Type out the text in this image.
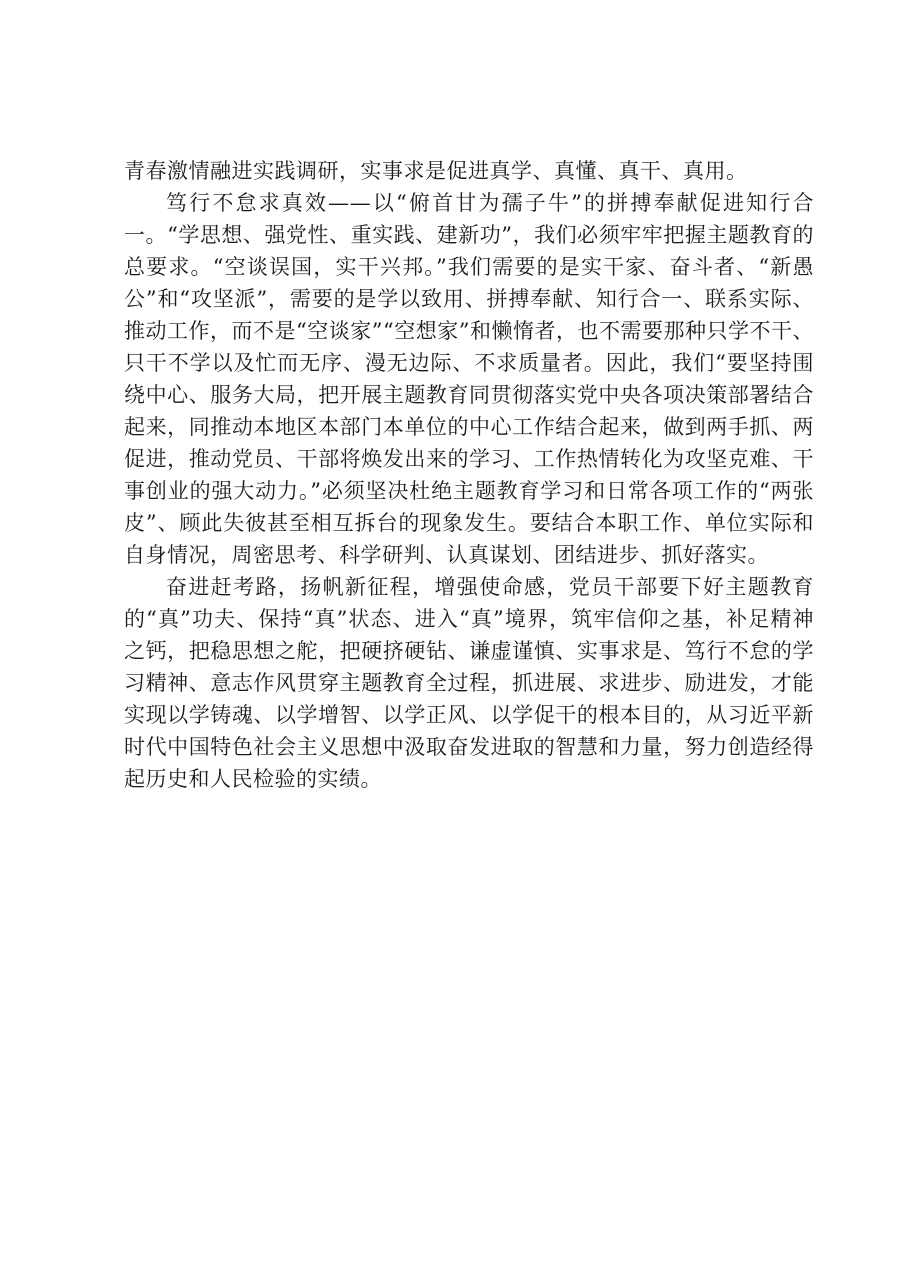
青春激情融进实践调研，实事求是促进真学、真懂、真干、真用。

笃行不怠求真效——以“俯首甘为孺子牛”的拼搏奉献促进知行合一。“学思想、强党性、重实践、建新功”，我们必须牢牢把握主题教育的总要求。“空谈误国，实干兴邦。”我们需要的是实干家、奋斗者、“新愚公”和“攻坚派”，需要的是学以致用、拼搏奉献、知行合一、联系实际、推动工作，而不是“空谈家”“空想家”和懒惰者，也不需要那种只学不干、只干不学以及忙而无序、漫无边际、不求质量者。因此，我们“要坚持围绕中心、服务大局，把开展主题教育同贯彻落实党中央各项决策部署结合起来，同推动本地区本部门本单位的中心工作结合起来，做到两手抓、两促进，推动党员、干部将焕发出来的学习、工作热情转化为攻坚克难、干事创业的强大动力。”必须坚决杜绝主题教育学习和日常各项工作的“两张皮”、顾此失彼甚至相互拆台的现象发生。要结合本职工作、单位实际和自身情况，周密思考、科学研判、认真谋划、团结进步、抓好落实。

奋进赶考路，扬帆新征程，增强使命感，党员干部要下好主题教育的“真”功夫、保持“真”状态、进入“真”境界，筑牢信仰之基，补足精神之钙，把稳思想之舵，把硬挤硬钻、谦虚谨慎、实事求是、笃行不怠的学习精神、意志作风贯穿主题教育全过程，抓进展、求进步、励进发，才能实现以学铸魂、以学增智、以学正风、以学促干的根本目的，从习近平新时代中国特色社会主义思想中汲取奋发进取的智慧和力量，努力创造经得起历史和人民检验的实绩。
